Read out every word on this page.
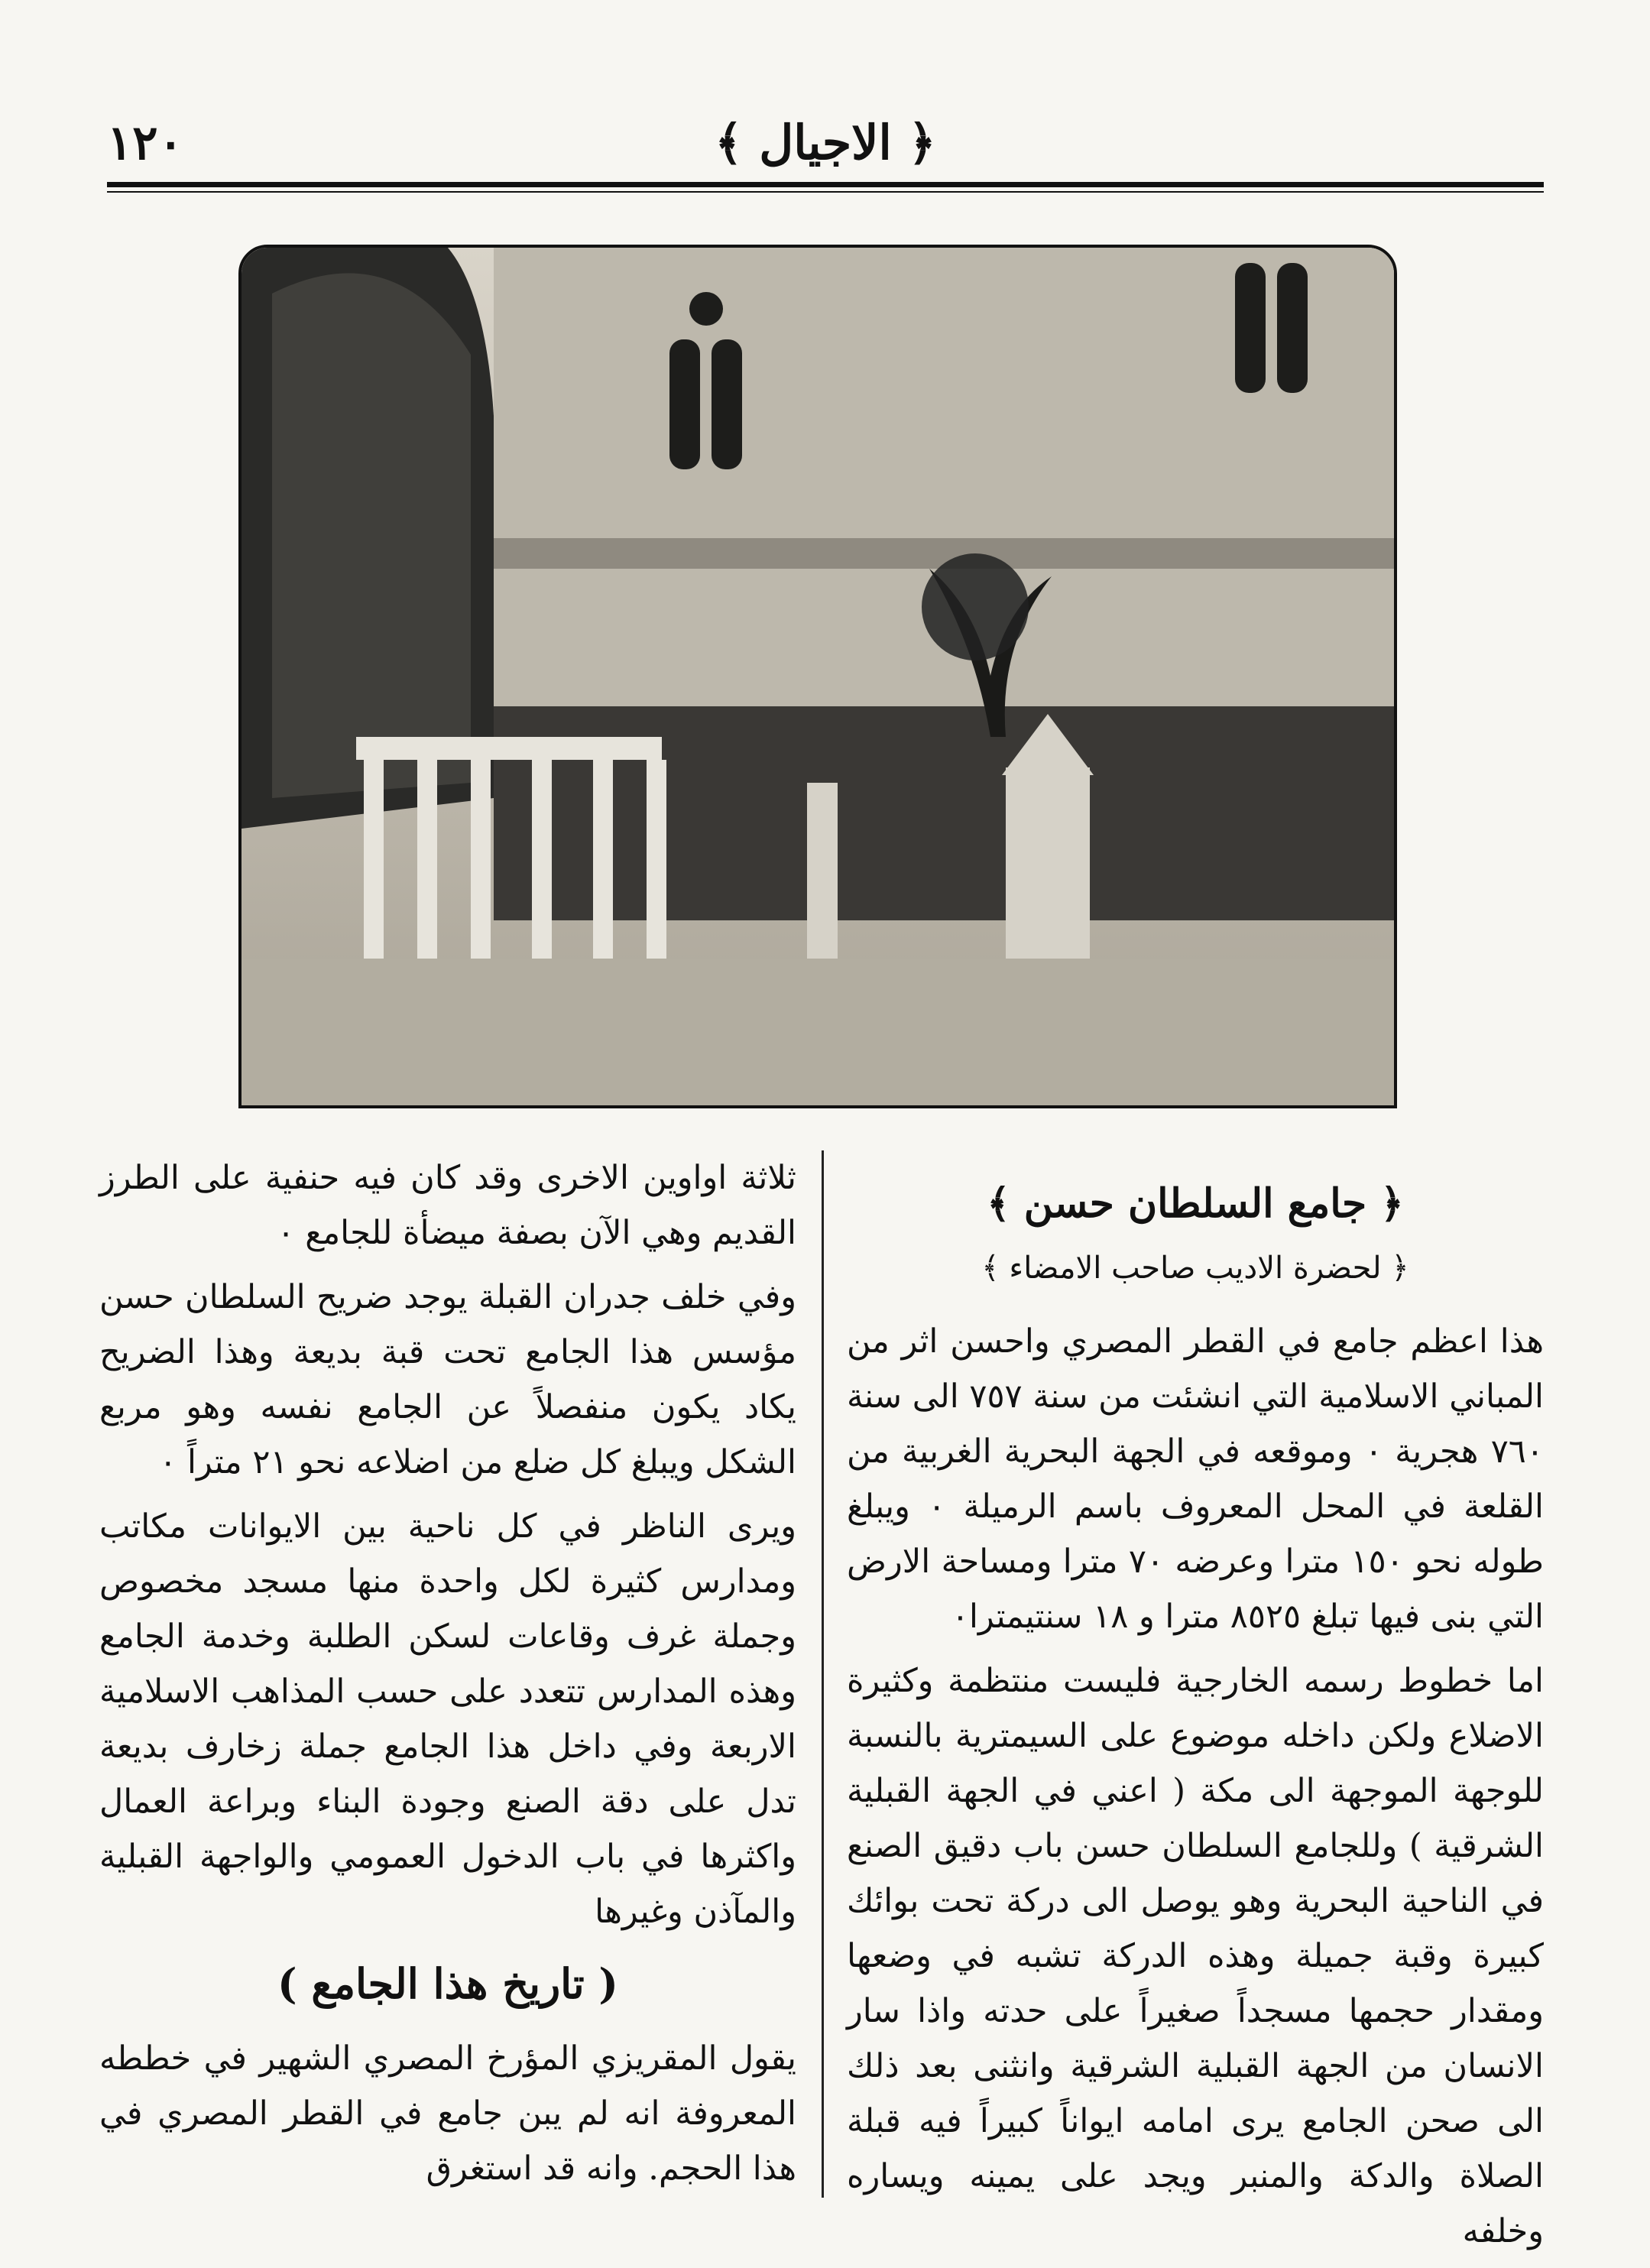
١٢٠	﴿ الاجيال ﴾
﴿ جامع السلطان حسن ﴾
﴿ لحضرة الاديب صاحب الامضاء ﴾

هذا اعظم جامع في القطر المصري واحسن اثر من المباني الاسلامية التي انشئت من سنة ٧٥٧ الى سنة ٧٦٠ هجرية ٠ وموقعه في الجهة البحرية الغربية من القلعة في المحل المعروف باسم الرميلة ٠ ويبلغ طوله نحو ١٥٠ مترا وعرضه ٧٠ مترا ومساحة الارض التي بنى فيها تبلغ ٨٥٢٥ مترا و ١٨ سنتيمترا٠

اما خطوط رسمه الخارجية فليست منتظمة وكثيرة الاضلاع ولكن داخله موضوع على السيمترية بالنسبة للوجهة الموجهة الى مكة ( اعني في الجهة القبلية الشرقية ) وللجامع السلطان حسن باب دقيق الصنع في الناحية البحرية وهو يوصل الى دركة تحت بوائك كبيرة وقبة جميلة وهذه الدركة تشبه في وضعها ومقدار حجمها مسجداً صغيراً على حدته واذا سار الانسان من الجهة القبلية الشرقية وانثنى بعد ذلك الى صحن الجامع يرى امامه ايواناً كبيراً فيه قبلة الصلاة والدكة والمنبر ويجد على يمينه ويساره وخلفه

ثلاثة اواوين الاخرى وقد كان فيه حنفية على الطرز القديم وهي الآن بصفة ميضأة للجامع ٠

وفي خلف جدران القبلة يوجد ضريح السلطان حسن مؤسس هذا الجامع تحت قبة بديعة وهذا الضريح يكاد يكون منفصلاً عن الجامع نفسه وهو مربع الشكل ويبلغ كل ضلع من اضلاعه نحو ٢١ متراً ٠

ويرى الناظر في كل ناحية بين الايوانات مكاتب ومدارس كثيرة لكل واحدة منها مسجد مخصوص وجملة غرف وقاعات لسكن الطلبة وخدمة الجامع وهذه المدارس تتعدد على حسب المذاهب الاسلامية الاربعة وفي داخل هذا الجامع جملة زخارف بديعة تدل على دقة الصنع وجودة البناء وبراعة العمال واكثرها في باب الدخول العمومي والواجهة القبلية والمآذن وغيرها

( تاريخ هذا الجامع )

يقول المقريزي المؤرخ المصري الشهير في خططه المعروفة انه لم يبن جامع في القطر المصري في هذا الحجم. وانه قد استغرق
